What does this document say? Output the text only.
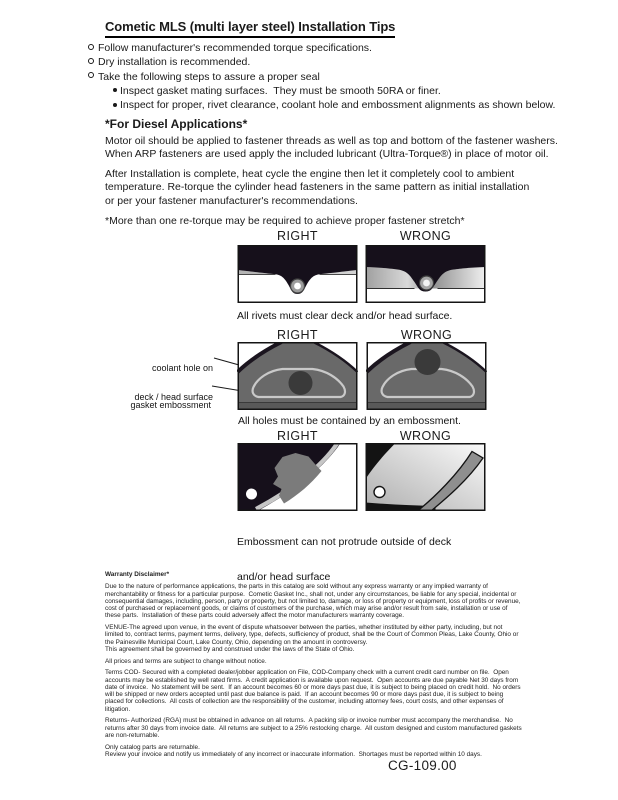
Cometic MLS (multi layer steel) Installation Tips
Follow manufacturer's recommended torque specifications.
Dry installation is recommended.
Take the following steps to assure a proper seal
Inspect gasket mating surfaces.  They must be smooth 50RA or finer.
Inspect for proper, rivet clearance, coolant hole and embossment alignments as shown below.
*For Diesel Applications*
Motor oil should be applied to fastener threads as well as top and bottom of the fastener washers.
When ARP fasteners are used apply the included lubricant (Ultra-Torque®) in place of motor oil.
After Installation is complete, heat cycle the engine then let it completely cool to ambient
temperature. Re-torque the cylinder head fasteners in the same pattern as initial installation
or per your fastener manufacturer's recommendations.
*More than one re-torque may be required to achieve proper fastener stretch*
RIGHT	WRONG
All rivets must clear deck and/or head surface.
RIGHT	WRONG

coolant hole on

deck / head surface

gasket embossment

All holes must be contained by an embossment.
RIGHT	WRONG

Embossment can not protrude outside of deck

and/or head surface

Warranty Disclaimer*

Due to the nature of performance applications, the parts in this catalog are sold without any express warranty or any implied warranty of merchantability or fitness for a particular purpose.  Cometic Gasket Inc., shall not, under any circumstances, be liable for any special, incidental or consequential damages, including, person, party or property, but not limited to, damage, or loss of property or equipment, loss of profits or revenue, cost of purchased or replacement goods, or claims of customers of the purchase, which may arise and/or result from sale, installation or use of these parts.  Installation of these parts could adversely affect the motor manufacturers warranty coverage.

VENUE-The agreed upon venue, in the event of dispute whatsoever between the parties, whether instituted by either party, including, but not limited to, contract terms, payment terms, delivery, type, defects, sufficiency of product, shall be the Court of Common Pleas, Lake County, Ohio or the Painesville Municipal Court, Lake County, Ohio, depending on the amount in controversy.

This agreement shall be governed by and construed under the laws of the State of Ohio.

All prices and terms are subject to change without notice.

Terms COD- Secured with a completed dealer/jobber application on File, COD-Company check with a current credit card number on file.  Open accounts may be established by well rated firms.  A credit application is available upon request.  Open accounts are due payable Net 30 days from date of invoice.  No statement will be sent.  If an account becomes 60 or more days past due, it is subject to being placed on credit hold.  No orders will be shipped or new orders accepted until past due balance is paid.  If an account becomes 90 or more days past due, it is subject to being placed for collections.  All costs of collection are the responsibility of the customer, including attorney fees, court costs, and other expenses of litigation.

Returns- Authorized (RGA) must be obtained in advance on all returns.  A packing slip or invoice number must accompany the merchandise.  No returns after 30 days from invoice date.  All returns are subject to a 25% restocking charge.  All custom designed and custom manufactured gaskets are non-returnable.

Only catalog parts are returnable.

Review your invoice and notify us immediately of any incorrect or inaccurate information.  Shortages must be reported within 10 days.

CG-109.00
